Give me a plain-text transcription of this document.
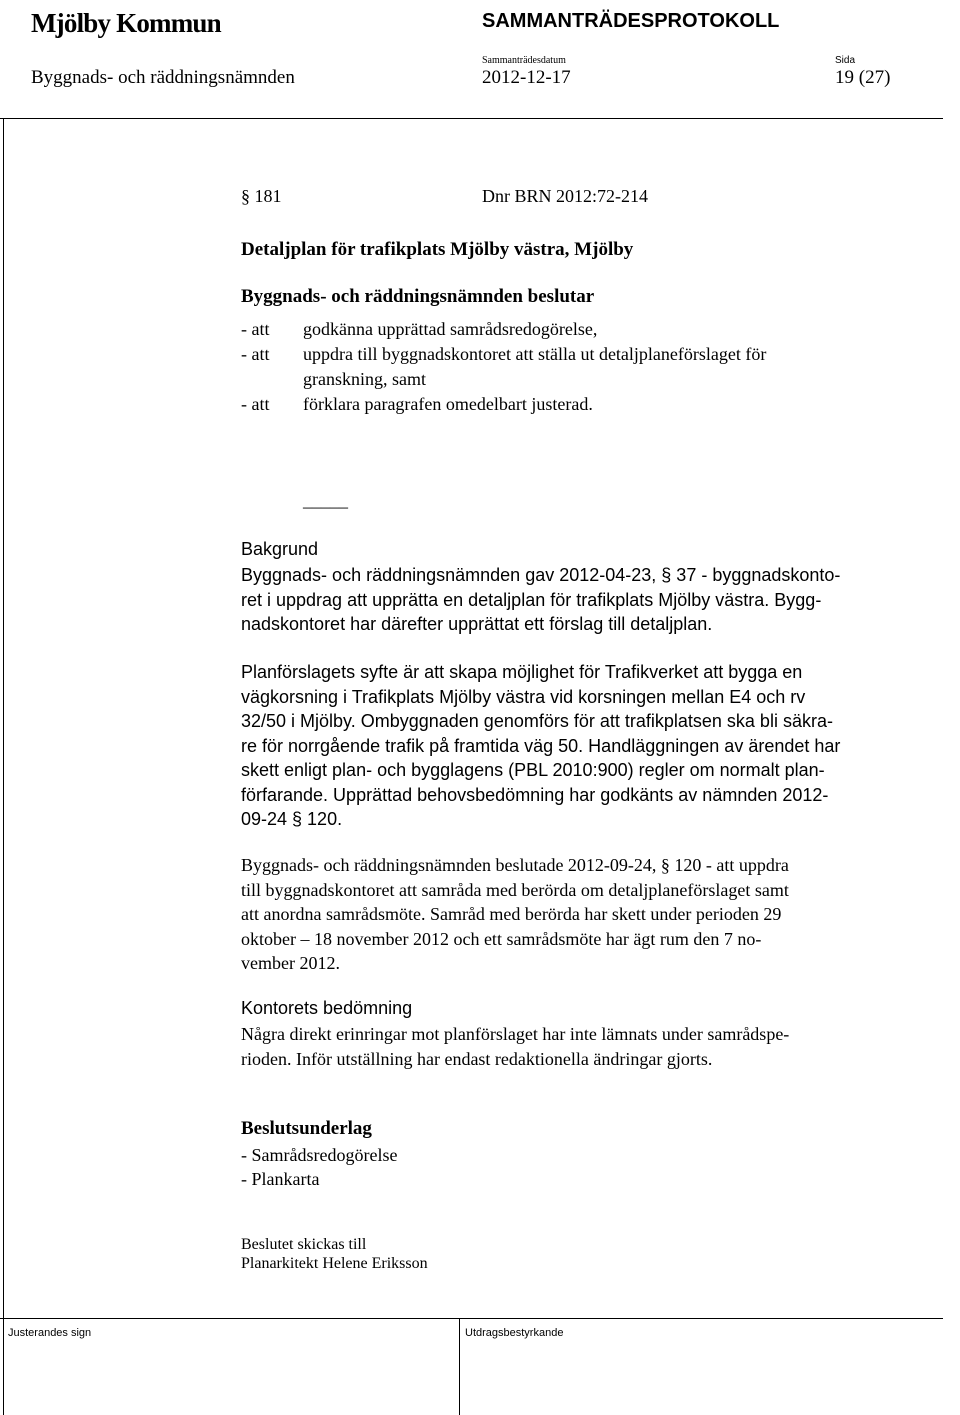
Mjölby Kommun	SAMMANTRÄDESPROTOKOLL
Byggnads- och räddningsnämnden
Sammanträdesdatum
2012-12-17
Sida
19 (27)
§ 181	Dnr BRN 2012:72-214
Detaljplan för trafikplats Mjölby västra, Mjölby
Byggnads- och räddningsnämnden beslutar
- att godkänna upprättad samrådsredogörelse,
- att uppdra till byggnadskontoret att ställa ut detaljplaneförslaget för
granskning, samt
- att förklara paragrafen omedelbart justerad.
_____
Bakgrund
Byggnads- och räddningsnämnden gav 2012-04-23, § 37 - byggnadskonto-
ret i uppdrag att upprätta en detaljplan för trafikplats Mjölby västra. Bygg-
nadskontoret har därefter upprättat ett förslag till detaljplan.
Planförslagets syfte är att skapa möjlighet för Trafikverket att bygga en
vägkorsning i Trafikplats Mjölby västra vid korsningen mellan E4 och rv
32/50 i Mjölby. Ombyggnaden genomförs för att trafikplatsen ska bli säkra-
re för norrgående trafik på framtida väg 50. Handläggningen av ärendet har
skett enligt plan- och bygglagens (PBL 2010:900) regler om normalt plan-
förfarande. Upprättad behovsbedömning har godkänts av nämnden 2012-
09-24 § 120.
Byggnads- och räddningsnämnden beslutade 2012-09-24, § 120 - att uppdra
till byggnadskontoret att samråda med berörda om detaljplaneförslaget samt
att anordna samrådsmöte. Samråd med berörda har skett under perioden 29
oktober – 18 november 2012 och ett samrådsmöte har ägt rum den 7 no-
vember 2012.
Kontorets bedömning
Några direkt erinringar mot planförslaget har inte lämnats under samrådspe-
rioden. Inför utställning har endast redaktionella ändringar gjorts.
Beslutsunderlag
- Samrådsredogörelse
- Plankarta
Beslutet skickas till
Planarkitekt Helene Eriksson
Justerandes sign	Utdragsbestyrkande
